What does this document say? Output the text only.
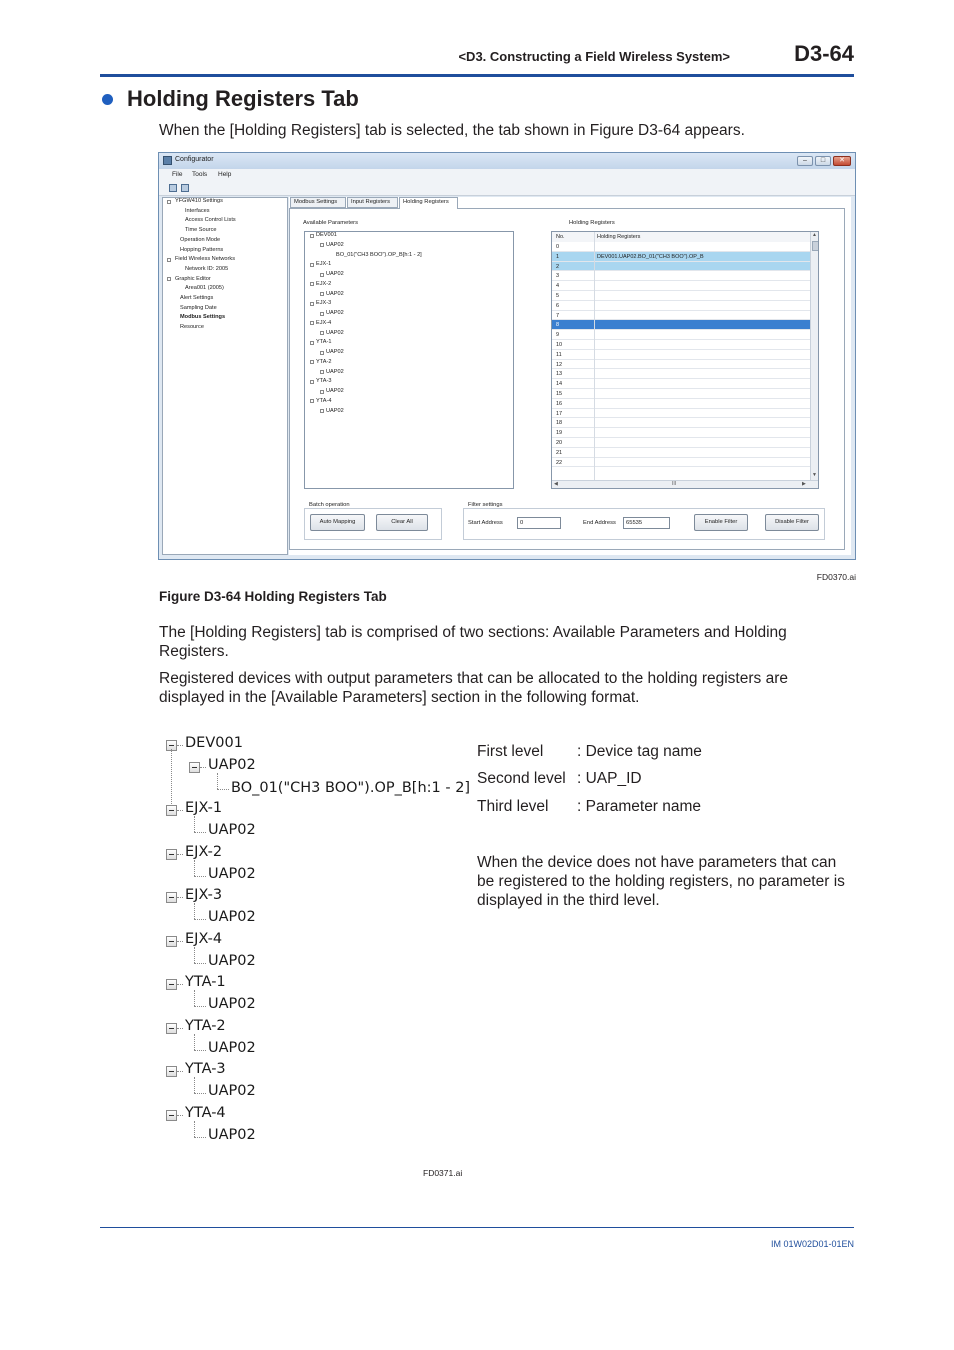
<D3. Constructing a Field Wireless System>	D3-64
Holding Registers Tab
When the [Holding Registers] tab is selected, the tab shown in Figure D3-64 appears.
Configurator	–	□	✕
File Tools Help
YFGW410 Settings
Interfaces
Access Control Lists
Time Source
Operation Mode
Hopping Patterns
Field Wireless Networks
Network ID: 2005
Graphic Editor
Area001 (2005)
Alert Settings
Sampling Date
Modbus Settings
Resource
Modbus Settings	Input Registers	Holding Registers
Available Parameters
DEV001
UAP02
BO_01("CH3 BOO").OP_B[h:1 - 2]
EJX-1
UAP02
EJX-2
UAP02
EJX-3
UAP02
EJX-4
UAP02
YTA-1
UAP02
YTA-2
UAP02
YTA-3
UAP02
YTA-4
UAP02
Holding Registers
No.	Holding Registers
0
1	DEV001.UAP02.BO_01("CH3 BOO").OP_B
2
3
4
5
6
7
8
9
10
11
12
13
14
15
16
17
18
19
20
21
22
▲
▼
◀	III	▶
Batch operation
Auto Mapping	Clear All
Filter settings
Start Address	0	End Address	65535	Enable Filter	Disable Filter
FD0370.ai
Figure D3-64 Holding Registers Tab
The [Holding Registers] tab is comprised of two sections: Available Parameters and Holding Registers.
Registered devices with output parameters that can be allocated to the holding registers are displayed in the [Available Parameters] section in the following format.
DEV001
UAP02
BO_01("CH3 BOO").OP_B[h:1 - 2]
EJX-1
UAP02
EJX-2
UAP02
EJX-3
UAP02
EJX-4
UAP02
YTA-1
UAP02
YTA-2
UAP02
YTA-3
UAP02
YTA-4
UAP02
First level : Device tag name
Second level : UAP_ID
Third level : Parameter name
When the device does not have parameters that can be registered to the holding registers, no parameter is displayed in the third level.
FD0371.ai
IM 01W02D01-01EN
